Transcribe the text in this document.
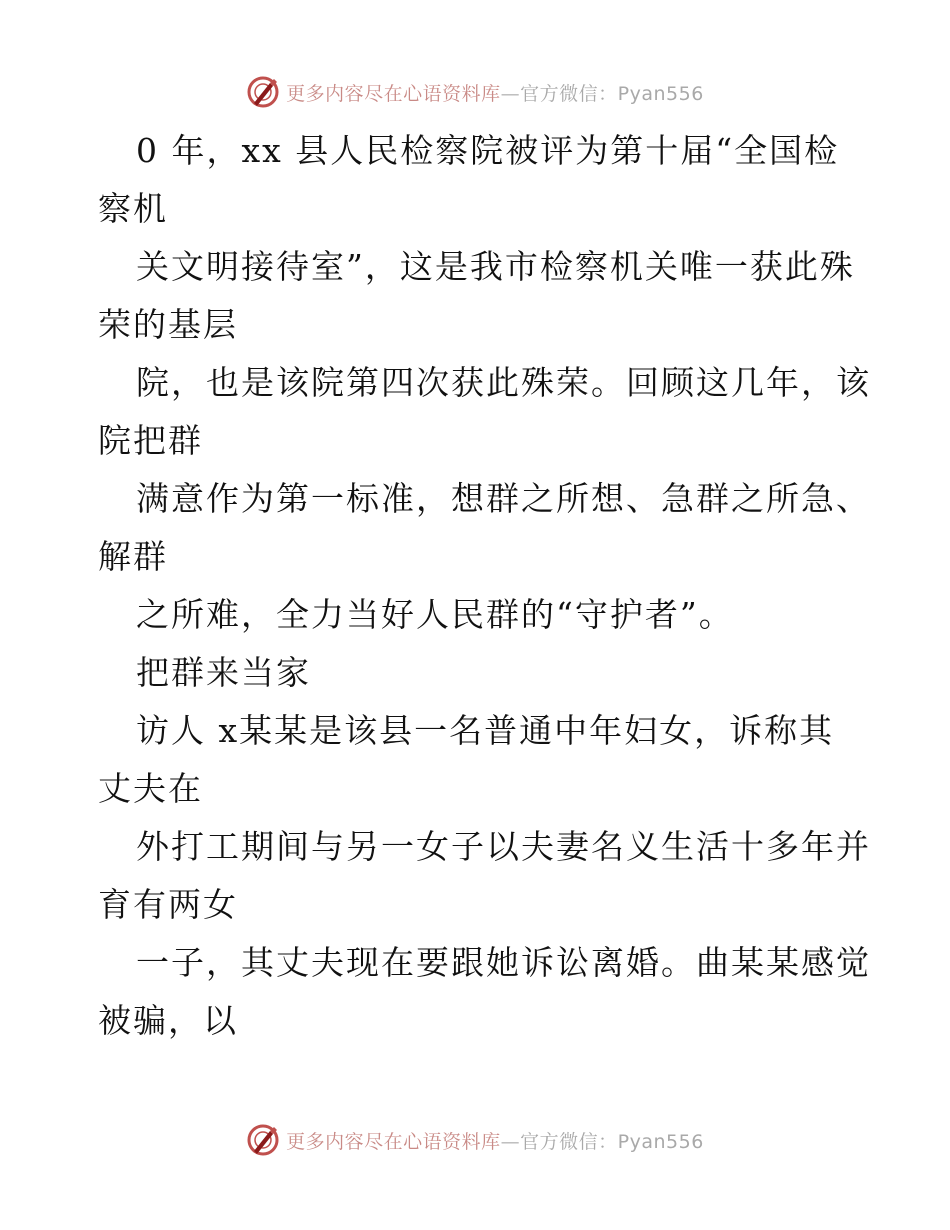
更多内容尽在心语资料库—官方微信：Pyan556
0 年，xx 县人民检察院被评为第十届“全国检
察机
关文明接待室”，这是我市检察机关唯一获此殊
荣的基层
院，也是该院第四次获此殊荣。回顾这几年，该
院把群
满意作为第一标准，想群之所想、急群之所急、
解群
之所难，全力当好人民群的“守护者”。
把群来当家
访人 x某某是该县一名普通中年妇女，诉称其
丈夫在
外打工期间与另一女子以夫妻名义生活十多年并
育有两女
一子，其丈夫现在要跟她诉讼离婚。曲某某感觉
被骗，以
更多内容尽在心语资料库—官方微信：Pyan556
